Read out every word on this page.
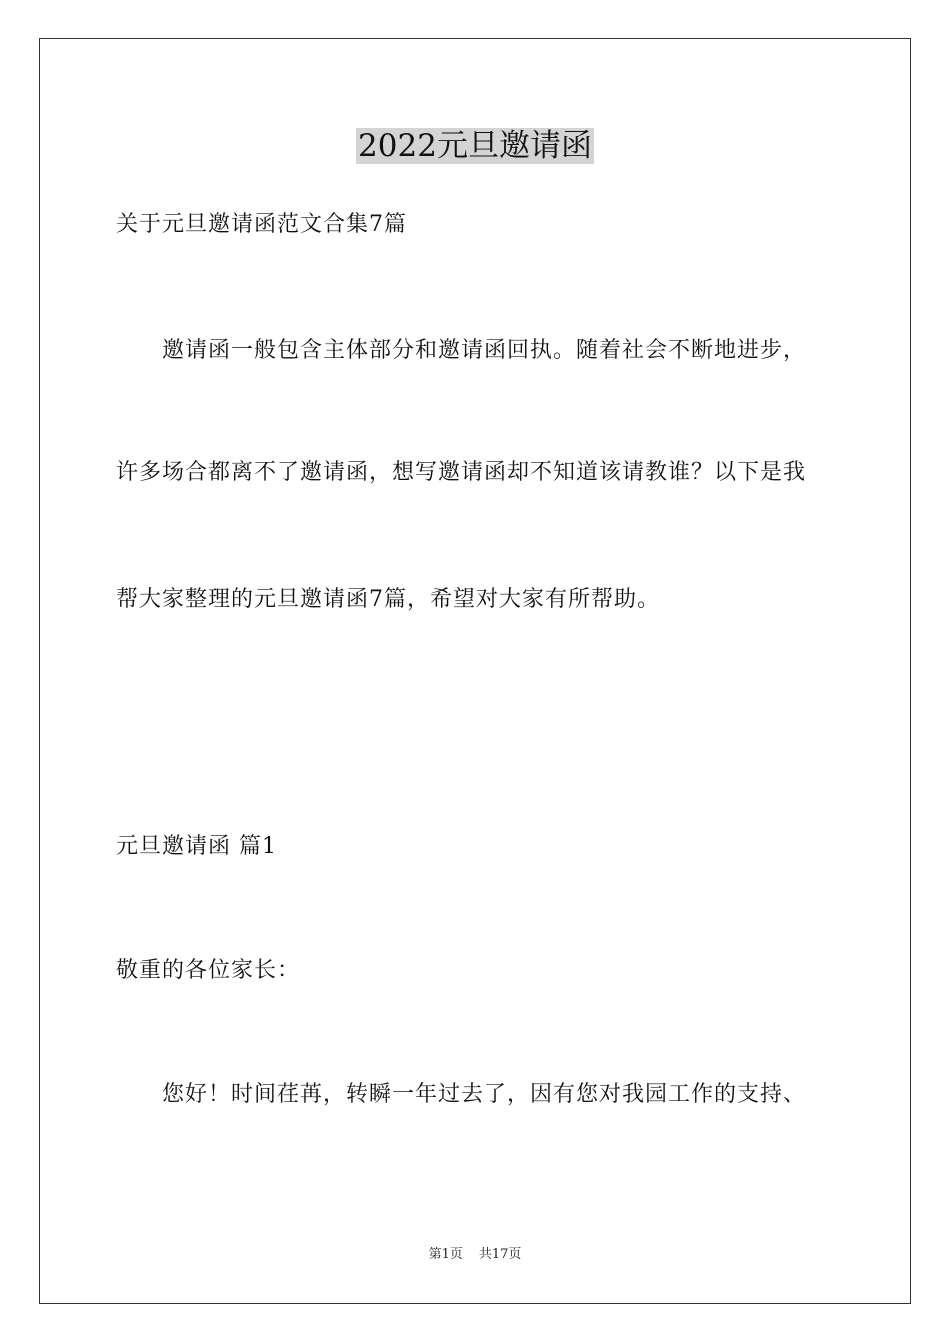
2022元旦邀请函
关于元旦邀请函范文合集7篇
邀请函一般包含主体部分和邀请函回执。随着社会不断地进步，
许多场合都离不了邀请函，想写邀请函却不知道该请教谁？以下是我
帮大家整理的元旦邀请函7篇，希望对大家有所帮助。
元旦邀请函 篇1
敬重的各位家长：
您好！时间荏苒，转瞬一年过去了，因有您对我园工作的支持、
第1页 共17页
